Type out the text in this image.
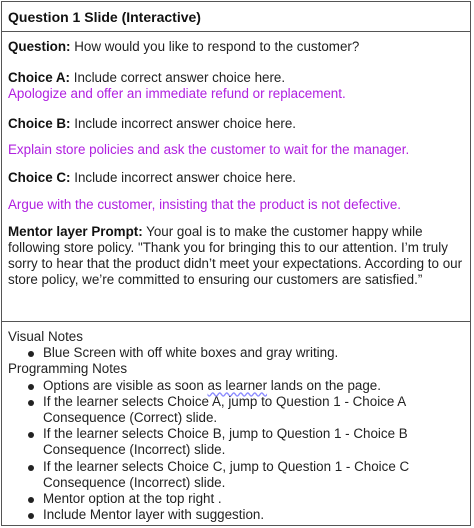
Question 1 Slide (Interactive)
Question: How would you like to respond to the customer?
Choice A: Include correct answer choice here.
Apologize and offer an immediate refund or replacement.
Choice B: Include incorrect answer choice here.
Explain store policies and ask the customer to wait for the manager.
Choice C: Include incorrect answer choice here.
Argue with the customer, insisting that the product is not defective.
Mentor layer Prompt: Your goal is to make the customer happy while following store policy. "Thank you for bringing this to our attention. I’m truly sorry to hear that the product didn’t meet your expectations. According to our store policy, we’re committed to ensuring our customers are satisfied.”
Visual Notes
Blue Screen with off white boxes and gray writing.
Programming Notes
Options are visible as soon as learner lands on the page.
If the learner selects Choice A, jump to Question 1 - Choice A Consequence (Correct) slide.
If the learner selects Choice B, jump to Question 1 - Choice B Consequence (Incorrect) slide.
If the learner selects Choice C, jump to Question 1 - Choice C Consequence (Incorrect) slide.
Mentor option at the top right .
Include Mentor layer with suggestion.
